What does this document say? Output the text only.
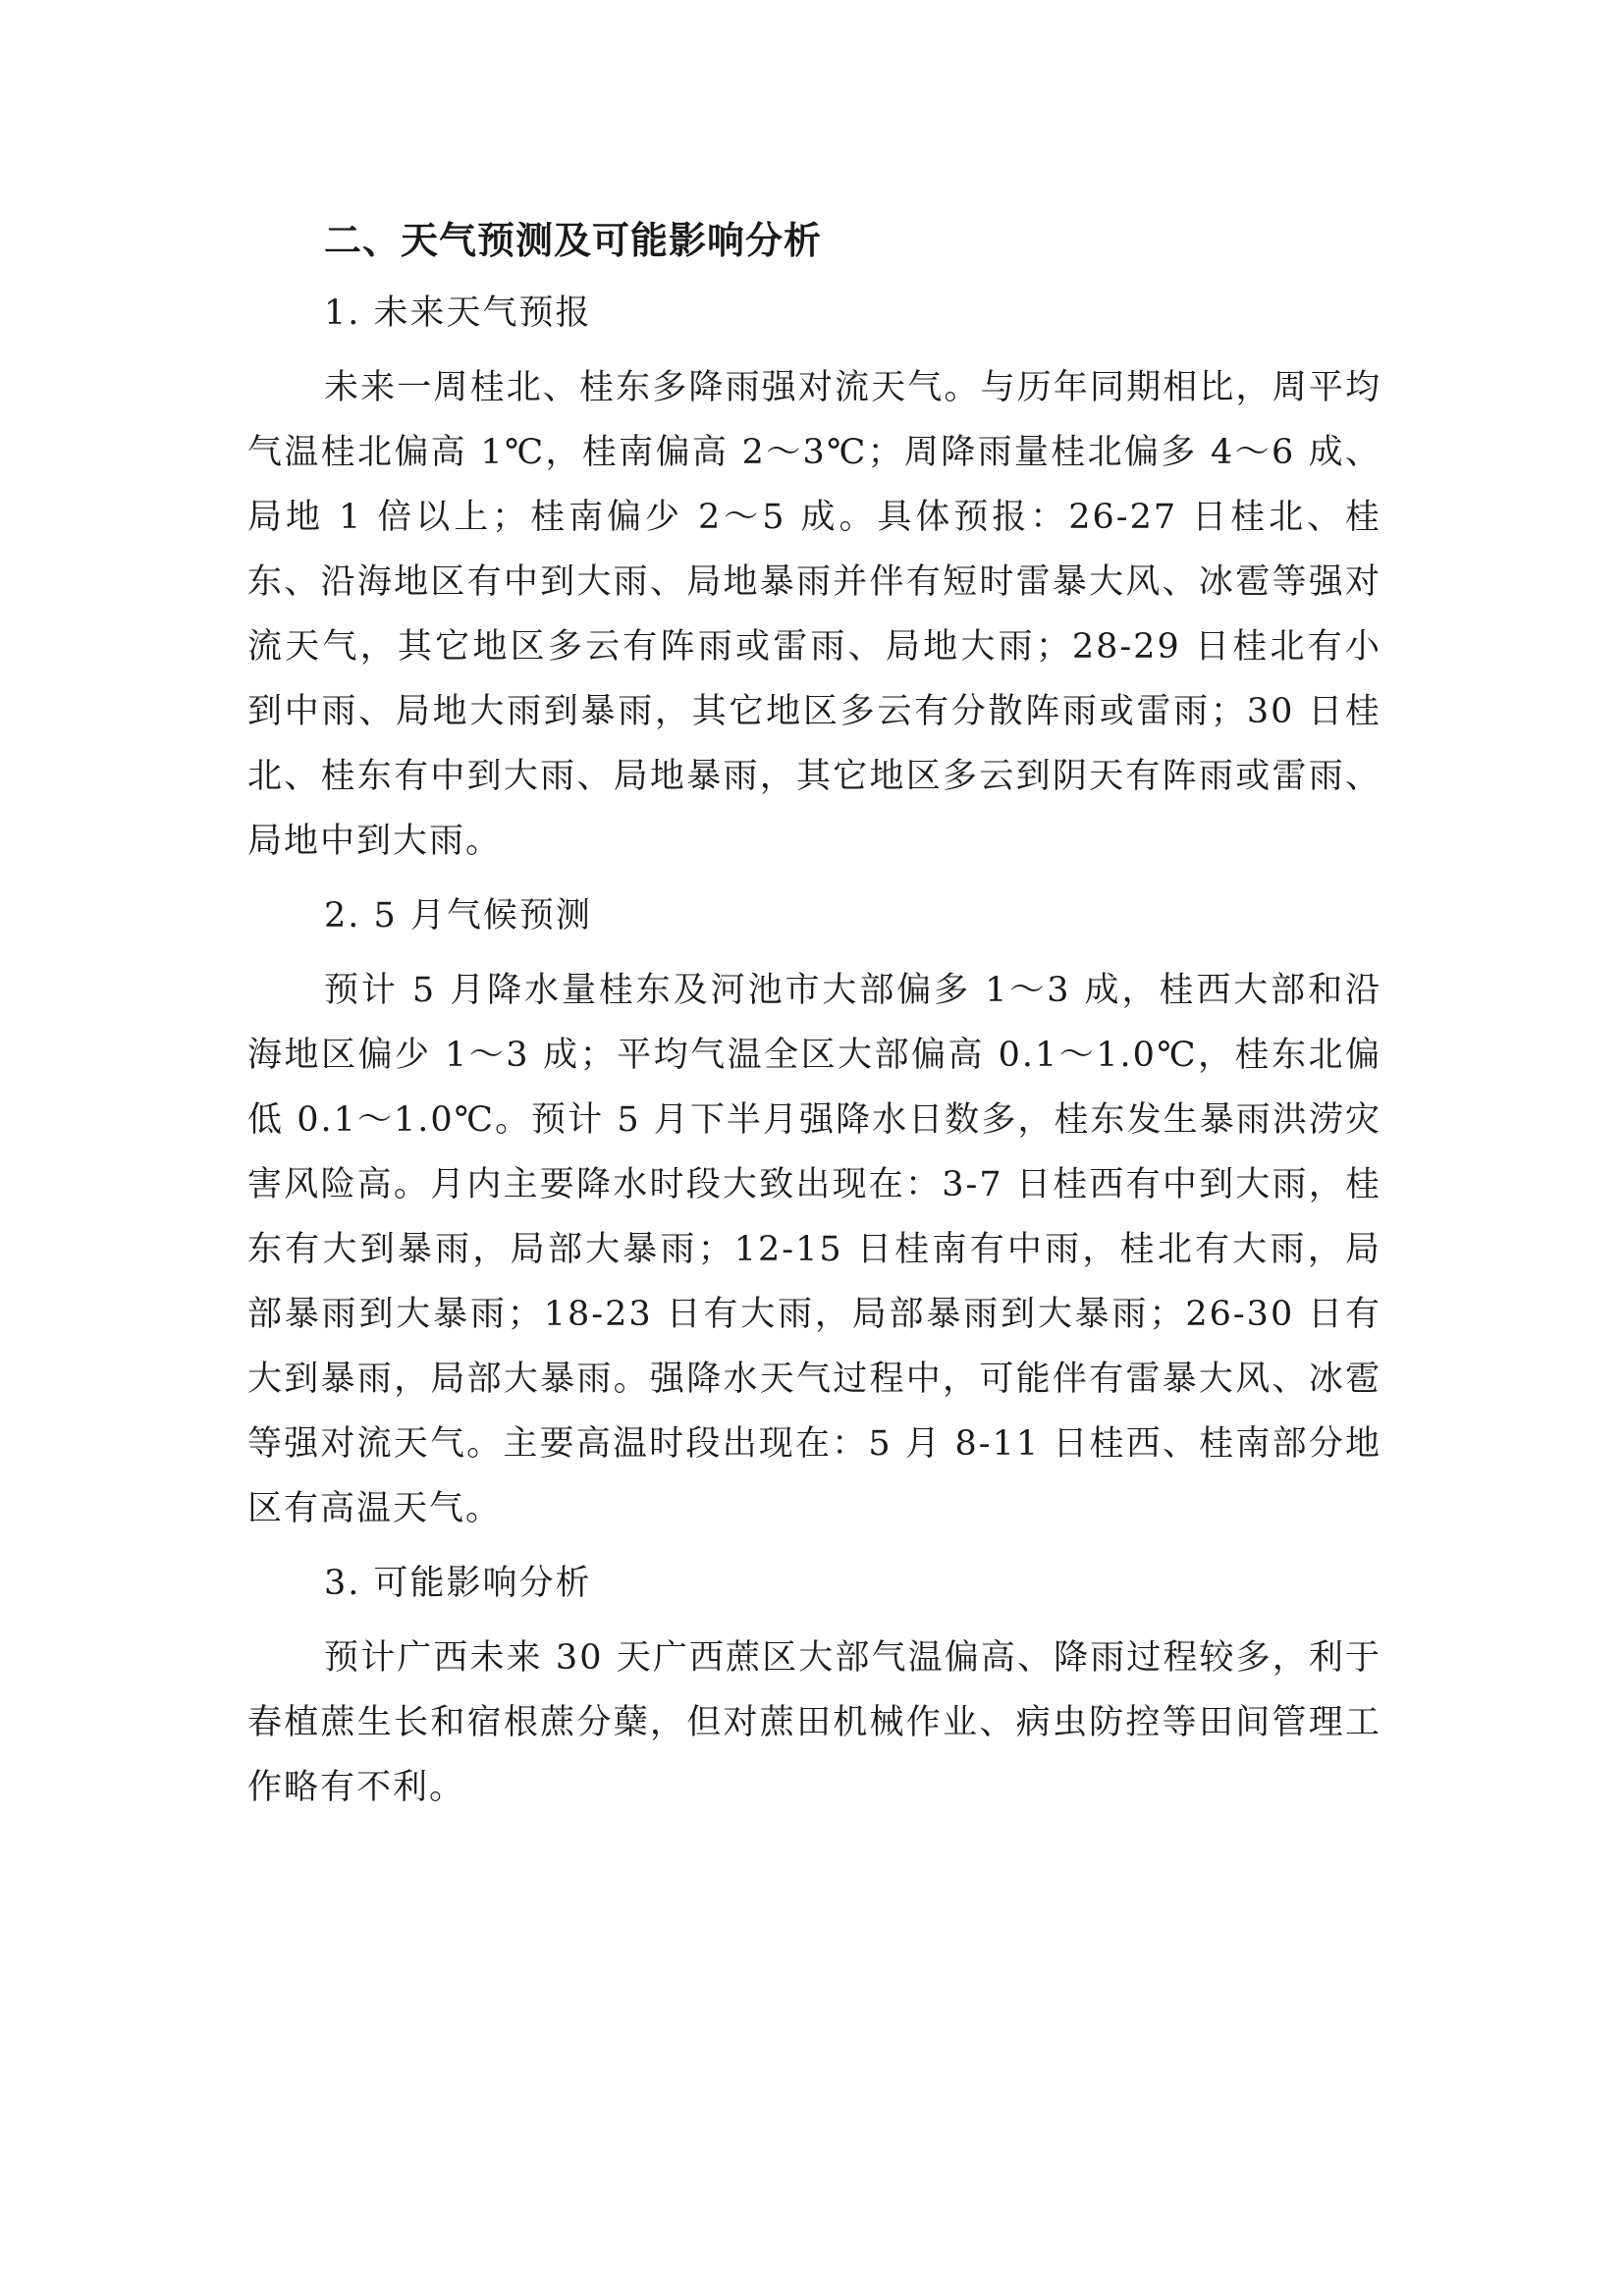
二、天气预测及可能影响分析

1. 未来天气预报

未来一周桂北、桂东多降雨强对流天气。与历年同期相比，周平均气温桂北偏高 1℃，桂南偏高 2～3℃；周降雨量桂北偏多 4～6 成、局地 1 倍以上；桂南偏少 2～5 成。具体预报：26-27 日桂北、桂东、沿海地区有中到大雨、局地暴雨并伴有短时雷暴大风、冰雹等强对流天气，其它地区多云有阵雨或雷雨、局地大雨；28-29 日桂北有小到中雨、局地大雨到暴雨，其它地区多云有分散阵雨或雷雨；30 日桂北、桂东有中到大雨、局地暴雨，其它地区多云到阴天有阵雨或雷雨、局地中到大雨。

2. 5 月气候预测

预计 5 月降水量桂东及河池市大部偏多 1～3 成，桂西大部和沿海地区偏少 1～3 成；平均气温全区大部偏高 0.1～1.0℃，桂东北偏低 0.1～1.0℃。预计 5 月下半月强降水日数多，桂东发生暴雨洪涝灾害风险高。月内主要降水时段大致出现在：3-7 日桂西有中到大雨，桂东有大到暴雨，局部大暴雨；12-15 日桂南有中雨，桂北有大雨，局部暴雨到大暴雨；18-23 日有大雨，局部暴雨到大暴雨；26-30 日有大到暴雨，局部大暴雨。强降水天气过程中，可能伴有雷暴大风、冰雹等强对流天气。主要高温时段出现在：5 月 8-11 日桂西、桂南部分地区有高温天气。

3. 可能影响分析

预计广西未来 30 天广西蔗区大部气温偏高、降雨过程较多，利于春植蔗生长和宿根蔗分蘖，但对蔗田机械作业、病虫防控等田间管理工作略有不利。
